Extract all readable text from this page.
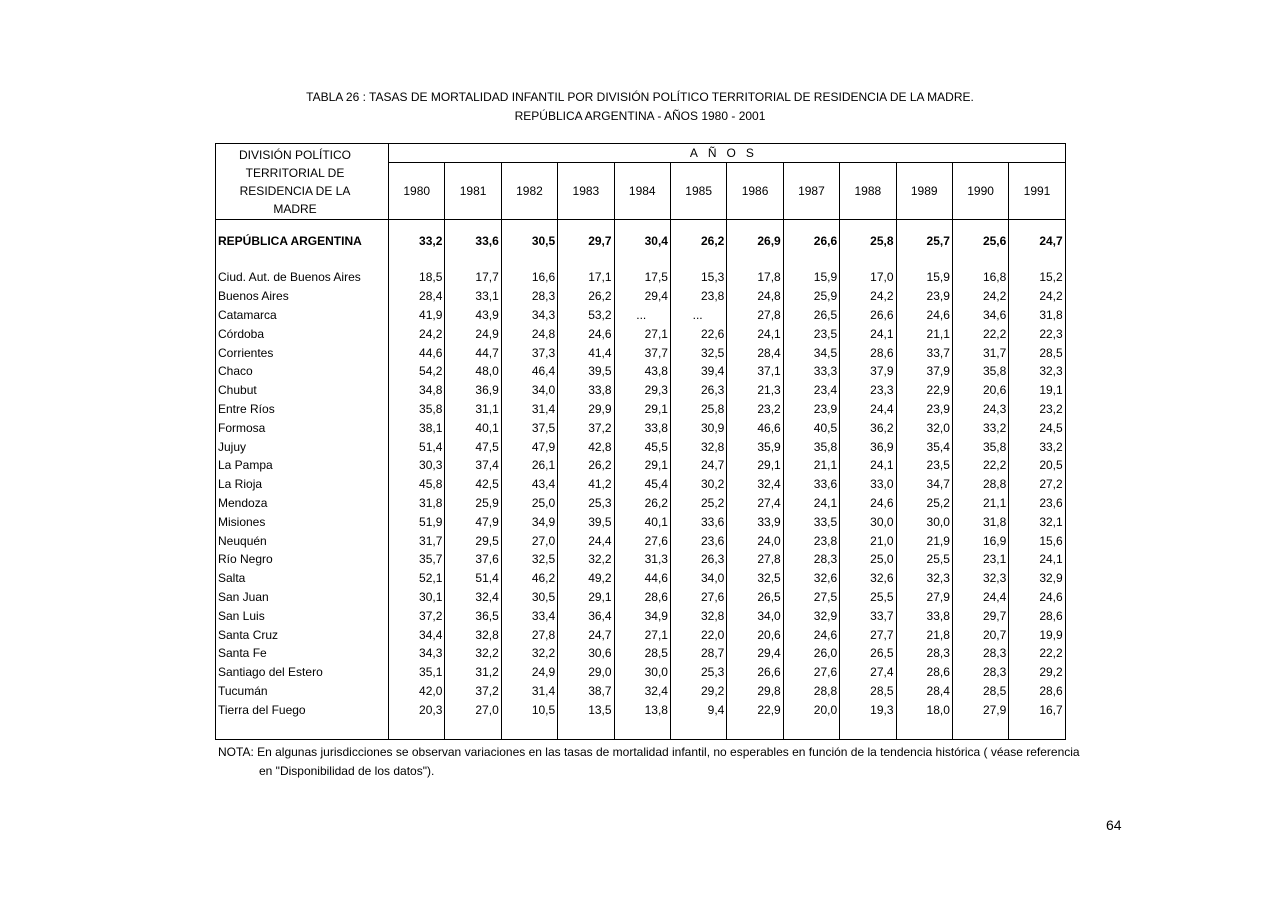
TABLA 26 : TASAS DE MORTALIDAD INFANTIL POR DIVISIÓN POLÍTICO TERRITORIAL DE RESIDENCIA DE LA MADRE.
REPÚBLICA ARGENTINA - AÑOS 1980 - 2001
DIVISIÓN POLÍTICO
TERRITORIAL DE
RESIDENCIA DE LA
MADRE	AÑOS											
	1980	1981	1982	1983	1984	1985	1986	1987	1988	1989	1990	1991
REPÚBLICA ARGENTINA	33,2	33,6	30,5	29,7	30,4	26,2	26,9	26,6	25,8	25,7	25,6	24,7

Ciud. Aut. de Buenos Aires	18,5	17,7	16,6	17,1	17,5	15,3	17,8	15,9	17,0	15,9	16,8	15,2
Buenos Aires	28,4	33,1	28,3	26,2	29,4	23,8	24,8	25,9	24,2	23,9	24,2	24,2
Catamarca	41,9	43,9	34,3	53,2	...	...	27,8	26,5	26,6	24,6	34,6	31,8
Córdoba	24,2	24,9	24,8	24,6	27,1	22,6	24,1	23,5	24,1	21,1	22,2	22,3
Corrientes	44,6	44,7	37,3	41,4	37,7	32,5	28,4	34,5	28,6	33,7	31,7	28,5
Chaco	54,2	48,0	46,4	39,5	43,8	39,4	37,1	33,3	37,9	37,9	35,8	32,3
Chubut	34,8	36,9	34,0	33,8	29,3	26,3	21,3	23,4	23,3	22,9	20,6	19,1
Entre Ríos	35,8	31,1	31,4	29,9	29,1	25,8	23,2	23,9	24,4	23,9	24,3	23,2
Formosa	38,1	40,1	37,5	37,2	33,8	30,9	46,6	40,5	36,2	32,0	33,2	24,5
Jujuy	51,4	47,5	47,9	42,8	45,5	32,8	35,9	35,8	36,9	35,4	35,8	33,2
La Pampa	30,3	37,4	26,1	26,2	29,1	24,7	29,1	21,1	24,1	23,5	22,2	20,5
La Rioja	45,8	42,5	43,4	41,2	45,4	30,2	32,4	33,6	33,0	34,7	28,8	27,2
Mendoza	31,8	25,9	25,0	25,3	26,2	25,2	27,4	24,1	24,6	25,2	21,1	23,6
Misiones	51,9	47,9	34,9	39,5	40,1	33,6	33,9	33,5	30,0	30,0	31,8	32,1
Neuquén	31,7	29,5	27,0	24,4	27,6	23,6	24,0	23,8	21,0	21,9	16,9	15,6
Río Negro	35,7	37,6	32,5	32,2	31,3	26,3	27,8	28,3	25,0	25,5	23,1	24,1
Salta	52,1	51,4	46,2	49,2	44,6	34,0	32,5	32,6	32,6	32,3	32,3	32,9
San Juan	30,1	32,4	30,5	29,1	28,6	27,6	26,5	27,5	25,5	27,9	24,4	24,6
San Luis	37,2	36,5	33,4	36,4	34,9	32,8	34,0	32,9	33,7	33,8	29,7	28,6
Santa Cruz	34,4	32,8	27,8	24,7	27,1	22,0	20,6	24,6	27,7	21,8	20,7	19,9
Santa Fe	34,3	32,2	32,2	30,6	28,5	28,7	29,4	26,0	26,5	28,3	28,3	22,2
Santiago del Estero	35,1	31,2	24,9	29,0	30,0	25,3	26,6	27,6	27,4	28,6	28,3	29,2
Tucumán	42,0	37,2	31,4	38,7	32,4	29,2	29,8	28,8	28,5	28,4	28,5	28,6
Tierra del Fuego	20,3	27,0	10,5	13,5	13,8	9,4	22,9	20,0	19,3	18,0	27,9	16,7

NOTA: En algunas jurisdicciones se observan variaciones en las tasas de mortalidad infantil, no esperables en función de la tendencia histórica ( véase referencia
en "Disponibilidad de los datos").
64
